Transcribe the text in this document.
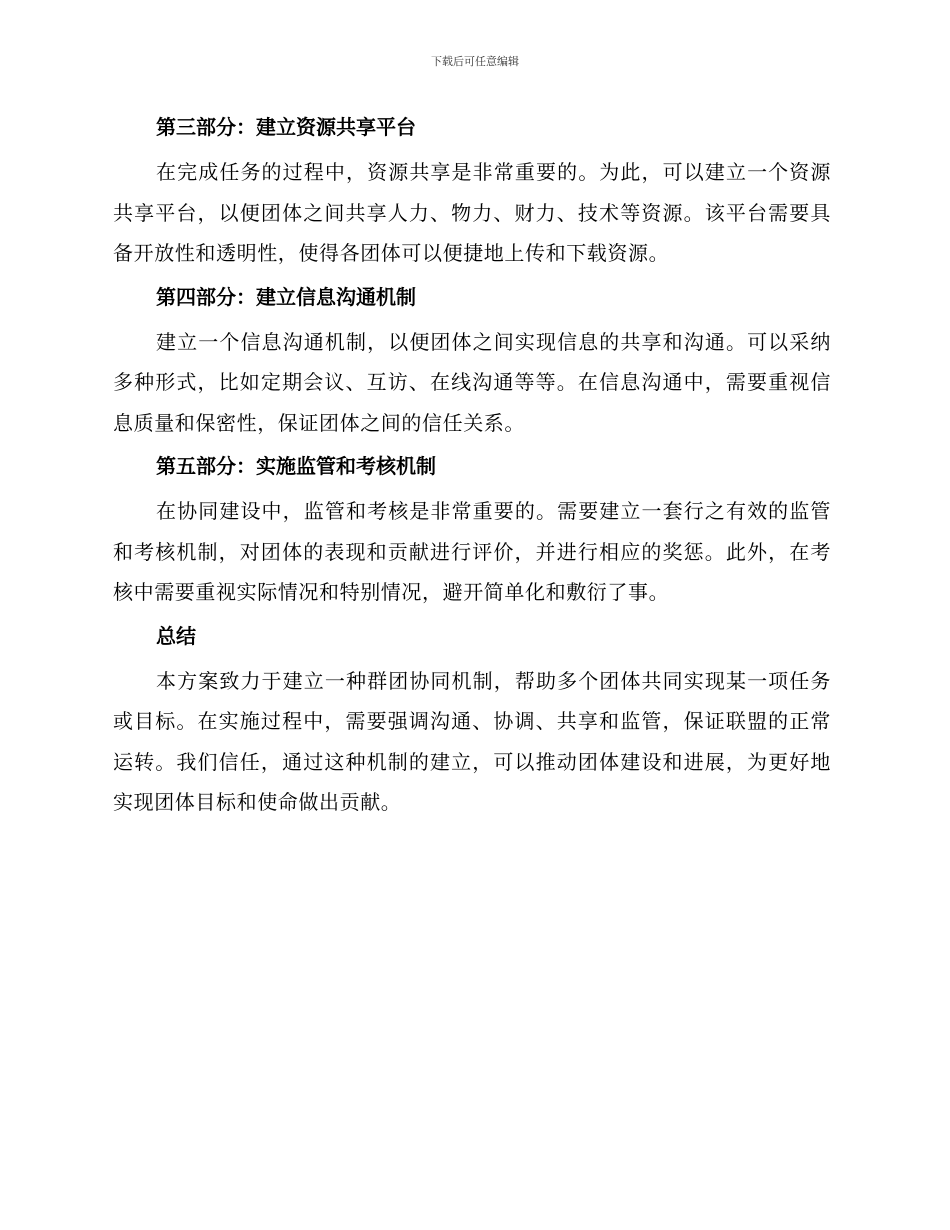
下载后可任意编辑
第三部分：建立资源共享平台

在完成任务的过程中，资源共享是非常重要的。为此，可以建立一个资源共享平台，以便团体之间共享人力、物力、财力、技术等资源。该平台需要具备开放性和透明性，使得各团体可以便捷地上传和下载资源。

第四部分：建立信息沟通机制

建立一个信息沟通机制，以便团体之间实现信息的共享和沟通。可以采纳多种形式，比如定期会议、互访、在线沟通等等。在信息沟通中，需要重视信息质量和保密性，保证团体之间的信任关系。

第五部分：实施监管和考核机制

在协同建设中，监管和考核是非常重要的。需要建立一套行之有效的监管和考核机制，对团体的表现和贡献进行评价，并进行相应的奖惩。此外，在考核中需要重视实际情况和特别情况，避开简单化和敷衍了事。

总结

本方案致力于建立一种群团协同机制，帮助多个团体共同实现某一项任务或目标。在实施过程中，需要强调沟通、协调、共享和监管，保证联盟的正常运转。我们信任，通过这种机制的建立，可以推动团体建设和进展，为更好地实现团体目标和使命做出贡献。
